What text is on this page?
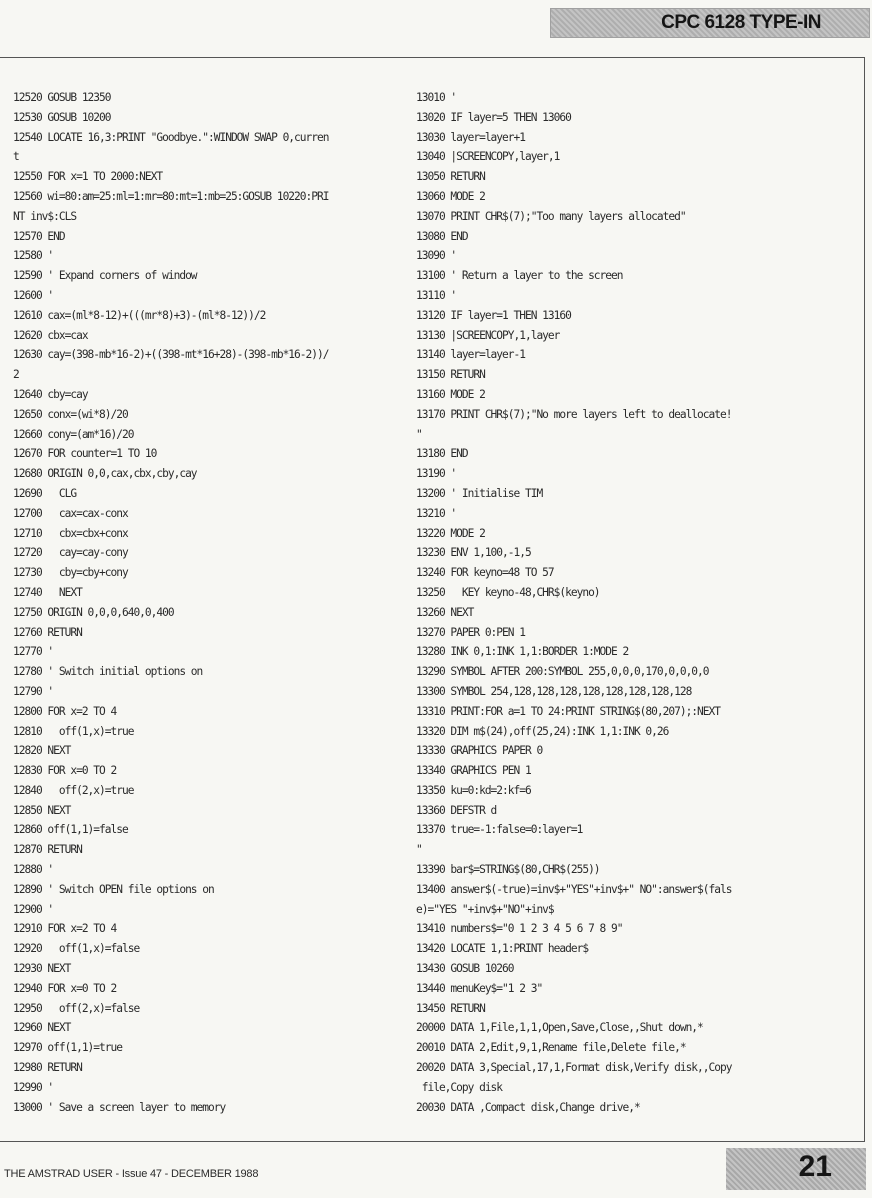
CPC 6128 TYPE-IN
12520 GOSUB 12350
12530 GOSUB 10200
12540 LOCATE 16,3:PRINT "Goodbye.":WINDOW SWAP 0,curren
t
12550 FOR x=1 TO 2000:NEXT
12560 wi=80:am=25:ml=1:mr=80:mt=1:mb=25:GOSUB 10220:PRI
NT inv$:CLS
12570 END
12580 '
12590 ' Expand corners of window
12600 '
12610 cax=(ml*8-12)+(((mr*8)+3)-(ml*8-12))/2
12620 cbx=cax
12630 cay=(398-mb*16-2)+((398-mt*16+28)-(398-mb*16-2))/
2
12640 cby=cay
12650 conx=(wi*8)/20
12660 cony=(am*16)/20
12670 FOR counter=1 TO 10
12680 ORIGIN 0,0,cax,cbx,cby,cay
12690   CLG
12700   cax=cax-conx
12710   cbx=cbx+conx
12720   cay=cay-cony
12730   cby=cby+cony
12740   NEXT
12750 ORIGIN 0,0,0,640,0,400
12760 RETURN
12770 '
12780 ' Switch initial options on
12790 '
12800 FOR x=2 TO 4
12810   off(1,x)=true
12820 NEXT
12830 FOR x=0 TO 2
12840   off(2,x)=true
12850 NEXT
12860 off(1,1)=false
12870 RETURN
12880 '
12890 ' Switch OPEN file options on
12900 '
12910 FOR x=2 TO 4
12920   off(1,x)=false
12930 NEXT
12940 FOR x=0 TO 2
12950   off(2,x)=false
12960 NEXT
12970 off(1,1)=true
12980 RETURN
12990 '
13000 ' Save a screen layer to memory
13010 '
13020 IF layer=5 THEN 13060
13030 layer=layer+1
13040 |SCREENCOPY,layer,1
13050 RETURN
13060 MODE 2
13070 PRINT CHR$(7);"Too many layers allocated"
13080 END
13090 '
13100 ' Return a layer to the screen
13110 '
13120 IF layer=1 THEN 13160
13130 |SCREENCOPY,1,layer
13140 layer=layer-1
13150 RETURN
13160 MODE 2
13170 PRINT CHR$(7);"No more layers left to deallocate!
"
13180 END
13190 '
13200 ' Initialise TIM
13210 '
13220 MODE 2
13230 ENV 1,100,-1,5
13240 FOR keyno=48 TO 57
13250   KEY keyno-48,CHR$(keyno)
13260 NEXT
13270 PAPER 0:PEN 1
13280 INK 0,1:INK 1,1:BORDER 1:MODE 2
13290 SYMBOL AFTER 200:SYMBOL 255,0,0,0,170,0,0,0,0
13300 SYMBOL 254,128,128,128,128,128,128,128,128
13310 PRINT:FOR a=1 TO 24:PRINT STRING$(80,207);:NEXT
13320 DIM m$(24),off(25,24):INK 1,1:INK 0,26
13330 GRAPHICS PAPER 0
13340 GRAPHICS PEN 1
13350 ku=0:kd=2:kf=6
13360 DEFSTR d
13370 true=-1:false=0:layer=1
"
13390 bar$=STRING$(80,CHR$(255))
13400 answer$(-true)=inv$+"YES"+inv$+" NO":answer$(fals
e)="YES "+inv$+"NO"+inv$
13410 numbers$="0 1 2 3 4 5 6 7 8 9"
13420 LOCATE 1,1:PRINT header$
13430 GOSUB 10260
13440 menuKey$="1 2 3"
13450 RETURN
20000 DATA 1,File,1,1,Open,Save,Close,,Shut down,*
20010 DATA 2,Edit,9,1,Rename file,Delete file,*
20020 DATA 3,Special,17,1,Format disk,Verify disk,,Copy
file,Copy disk
20030 DATA ,Compact disk,Change drive,*
THE AMSTRAD USER - Issue 47 - DECEMBER 1988	21
